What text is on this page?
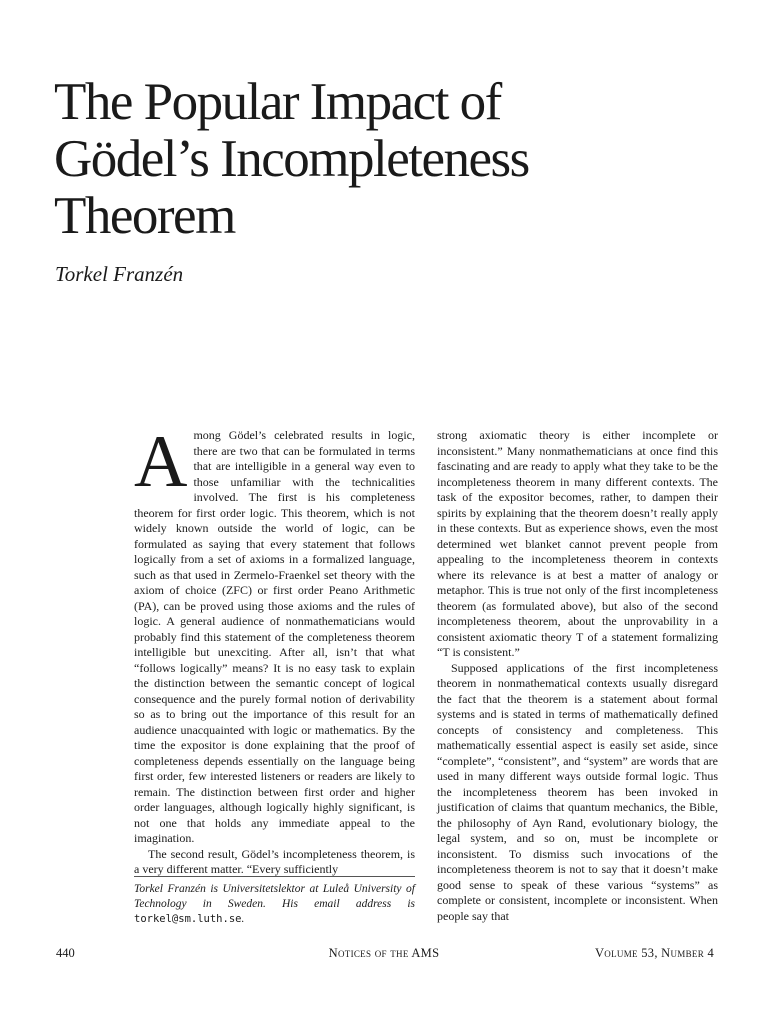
The Popular Impact of
Gödel’s Incompleteness
Theorem
Torkel Franzén

Among Gödel’s celebrated results in logic, there are two that can be formulated in terms that are intelligible in a general way even to those unfamiliar with the technicalities involved. The first is his completeness theorem for first order logic. This theorem, which is not widely known outside the world of logic, can be formulated as saying that every statement that follows logically from a set of axioms in a formalized language, such as that used in Zermelo-Fraenkel set theory with the axiom of choice (ZFC) or first order Peano Arithmetic (PA), can be proved using those axioms and the rules of logic. A general audience of nonmathematicians would probably find this statement of the completeness theorem intelligible but unexciting. After all, isn’t that what “follows logically” means? It is no easy task to explain the distinction between the semantic concept of logical consequence and the purely formal notion of derivability so as to bring out the importance of this result for an audience unacquainted with logic or mathematics. By the time the expositor is done explaining that the proof of completeness depends essentially on the language being first order, few interested listeners or readers are likely to remain. The distinction between first order and higher order languages, although logically highly significant, is not one that holds any immediate appeal to the imagination.

The second result, Gödel’s incompleteness theorem, is a very different matter. “Every sufficiently

strong axiomatic theory is either incomplete or inconsistent.” Many nonmathematicians at once find this fascinating and are ready to apply what they take to be the incompleteness theorem in many different contexts. The task of the expositor becomes, rather, to dampen their spirits by explaining that the theorem doesn’t really apply in these contexts. But as experience shows, even the most determined wet blanket cannot prevent people from appealing to the incompleteness theorem in contexts where its relevance is at best a matter of analogy or metaphor. This is true not only of the first incompleteness theorem (as formulated above), but also of the second incompleteness theorem, about the unprovability in a consistent axiomatic theory T of a statement formalizing “T is consistent.”

Supposed applications of the first incompleteness theorem in nonmathematical contexts usually disregard the fact that the theorem is a statement about formal systems and is stated in terms of mathematically defined concepts of consistency and completeness. This mathematically essential aspect is easily set aside, since “complete”, “consistent”, and “system” are words that are used in many different ways outside formal logic. Thus the incompleteness theorem has been invoked in justification of claims that quantum mechanics, the Bible, the philosophy of Ayn Rand, evolutionary biology, the legal system, and so on, must be incomplete or inconsistent. To dismiss such invocations of the incompleteness theorem is not to say that it doesn’t make good sense to speak of these various “systems” as complete or consistent, incomplete or inconsistent. When people say that

Torkel Franzén is Universitetslektor at Luleå University of Technology in Sweden. His email address is torkel@sm.luth.se.
440	Notices of the AMS	Volume 53, Number 4
